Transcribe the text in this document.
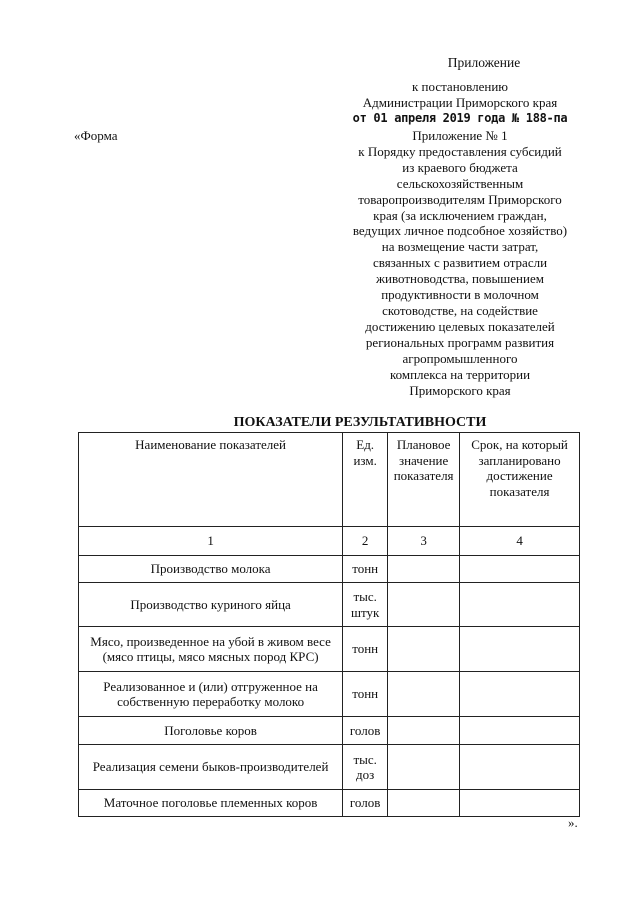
Приложение
«Форма
к постановлению
Администрации Приморского края
от 01 апреля 2019 года № 188-па
Приложение № 1
к Порядку предоставления субсидий
из краевого бюджета
сельскохозяйственным
товаропроизводителям Приморского
края (за исключением граждан,
ведущих личное подсобное хозяйство)
на возмещение части затрат,
связанных с развитием отрасли
животноводства, повышением
продуктивности в молочном
скотоводстве, на содействие
достижению целевых показателей
региональных программ развития
агропромышленного
комплекса на территории
Приморского края
ПОКАЗАТЕЛИ РЕЗУЛЬТАТИВНОСТИ
Наименование показателей	Ед. изм.	Плановое значение показателя	Срок, на который запланировано достижение показателя
1	2	3	4
Производство молока	тонн		
Производство куриного яйца	тыс. штук		
Мясо, произведенное на убой в живом весе (мясо птицы, мясо мясных пород КРС)	тонн		
Реализованное и (или) отгруженное на собственную переработку молоко	тонн		
Поголовье коров	голов		
Реализация семени быков-производителей	тыс. доз		
Маточное поголовье племенных коров	голов		
».
